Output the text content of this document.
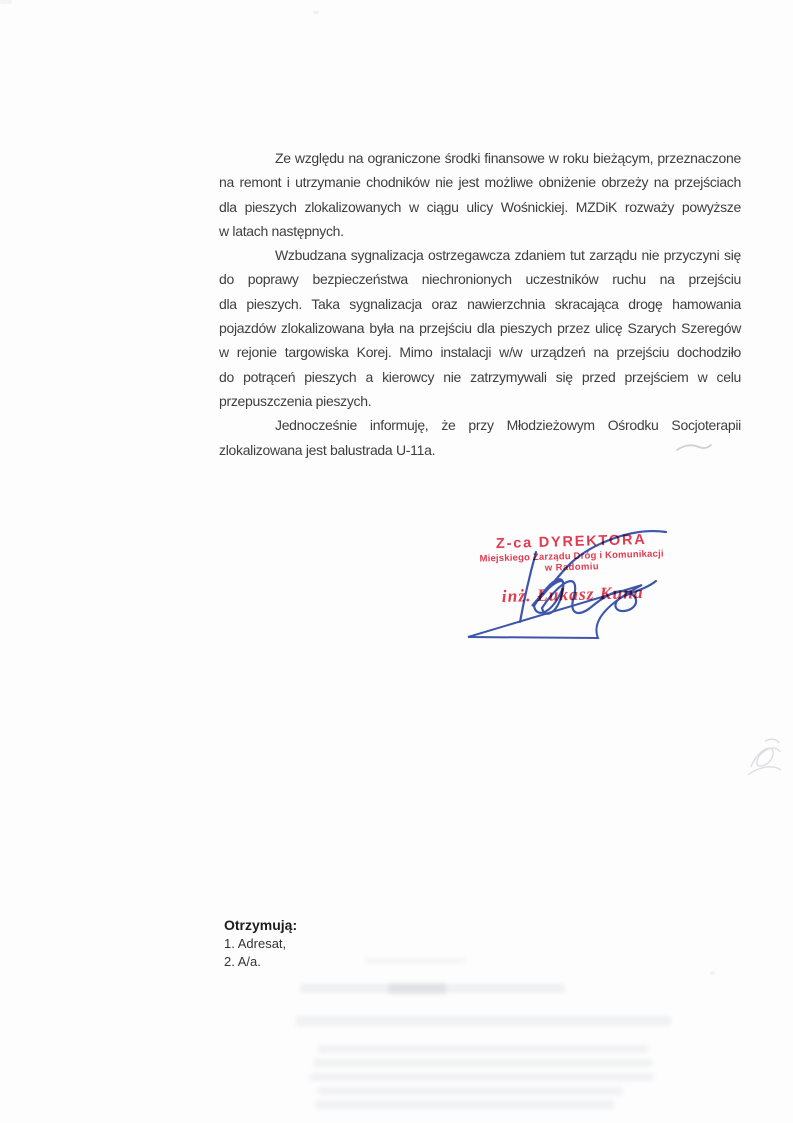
Ze względu na ograniczone środki finansowe w roku bieżącym, przeznaczone
na remont i utrzymanie chodników nie jest możliwe obniżenie obrzeży na przejściach
dla pieszych zlokalizowanych w ciągu ulicy Wośnickiej. MZDiK rozważy powyższe
w latach następnych.
Wzbudzana sygnalizacja ostrzegawcza zdaniem tut zarządu nie przyczyni się
do poprawy bezpieczeństwa niechronionych uczestników ruchu na przejściu
dla pieszych. Taka sygnalizacja oraz nawierzchnia skracająca drogę hamowania
pojazdów zlokalizowana była na przejściu dla pieszych przez ulicę Szarych Szeregów
w rejonie targowiska Korej. Mimo instalacji w/w urządzeń na przejściu dochodziło
do potrąceń pieszych a kierowcy nie zatrzymywali się przed przejściem w celu
przepuszczenia pieszych.
Jednocześnie informuję, że przy Młodzieżowym Ośrodku Socjoterapii
zlokalizowana jest balustrada U-11a.
Z-ca DYREKTORA
Miejskiego Zarządu Dróg i Komunikacji
w Radomiu
inż. Łukasz Kuna
Otrzymują:
1. Adresat,
2. A/a.
